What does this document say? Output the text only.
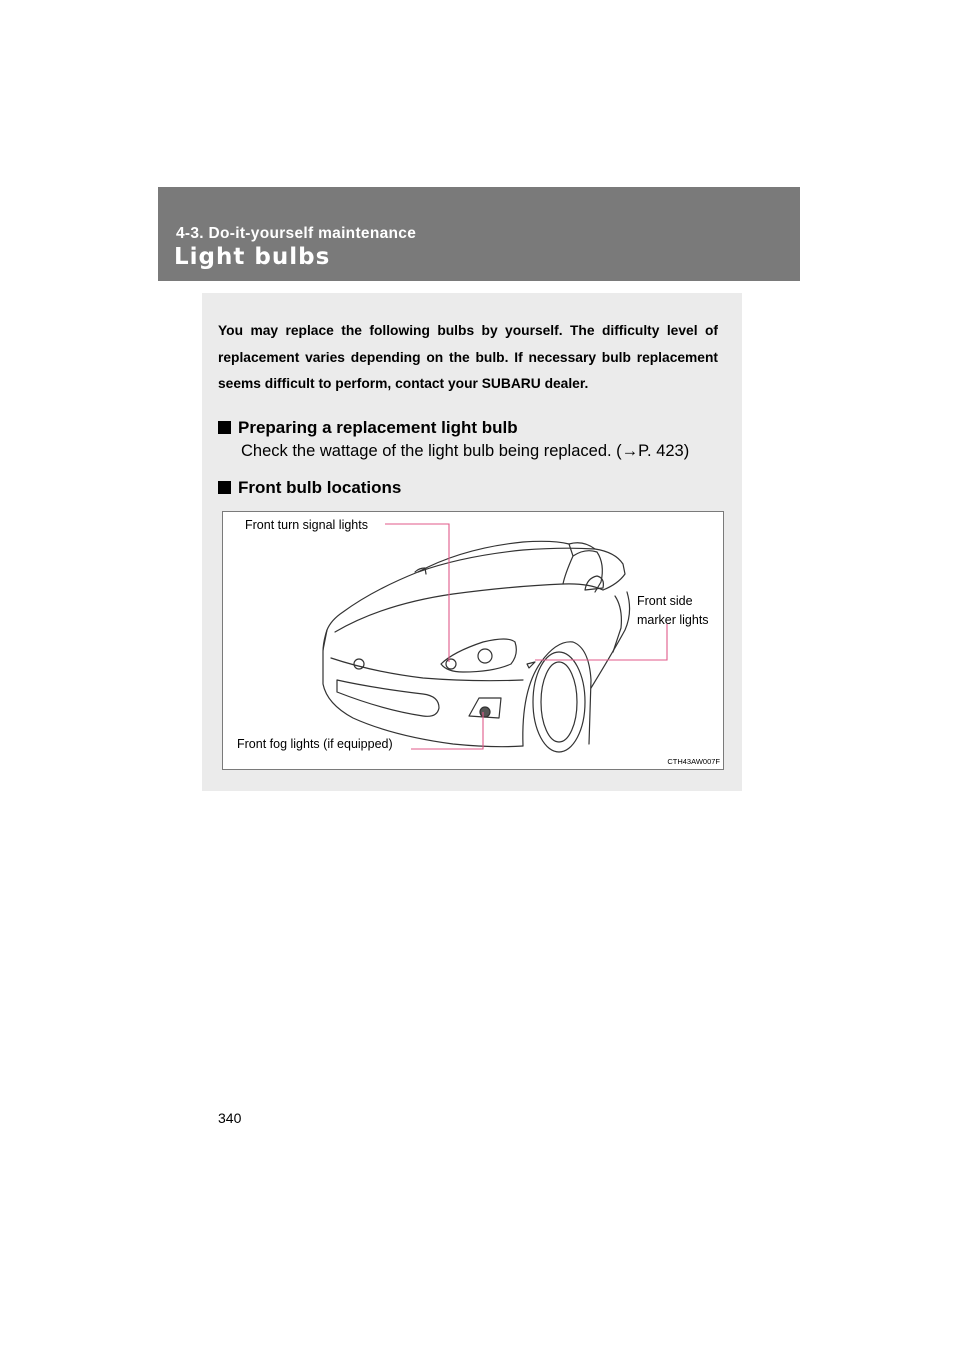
4-3. Do-it-yourself maintenance
Light bulbs
You may replace the following bulbs by yourself. The difficulty level of replacement varies depending on the bulb. If necessary bulb replacement seems difficult to perform, contact your SUBARU dealer.
Preparing a replacement light bulb
Check the wattage of the light bulb being replaced. (→P. 423)
Front bulb locations
Front turn signal lights
Front side
marker lights
Front fog lights (if equipped)
CTH43AW007F
340
